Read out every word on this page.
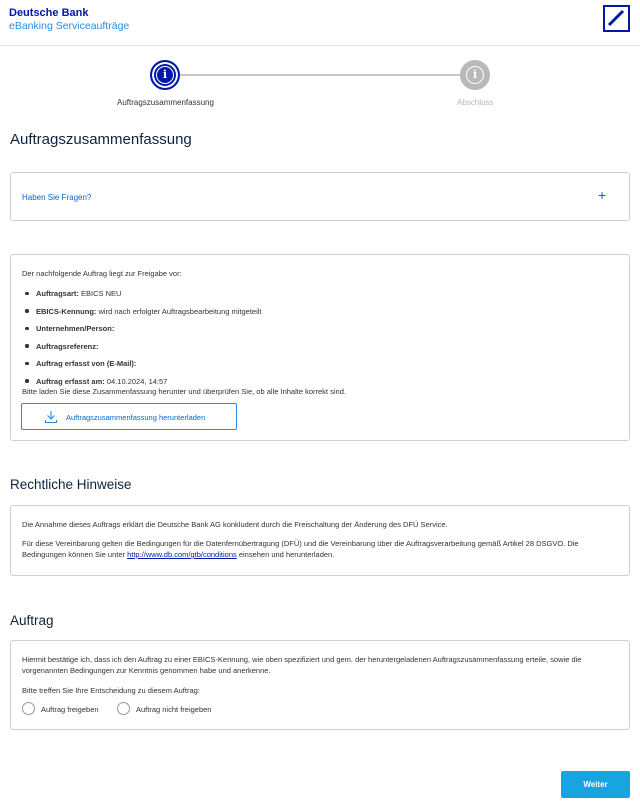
Deutsche Bank
eBanking Serviceaufträge
i	i
Auftragszusammenfassung	Abschluss
Auftragszusammenfassung
Haben Sie Fragen?	+
Der nachfolgende Auftrag liegt zur Freigabe vor:
Auftragsart: EBICS NEU
EBICS-Kennung: wird nach erfolgter Auftragsbearbeitung mitgeteilt
Unternehmen/Person:
Auftragsreferenz:
Auftrag erfasst von (E-Mail):
Auftrag erfasst am: 04.10.2024, 14:57
Bitte laden Sie diese Zusammenfassung herunter und überprüfen Sie, ob alle Inhalte korrekt sind.
Auftragszusammenfassung herunterladen
Rechtliche Hinweise

Die Annahme dieses Auftrags erklärt die Deutsche Bank AG konkludent durch die Freischaltung der Änderung des DFÜ Service.

Für diese Vereinbarung gelten die Bedingungen für die Datenfernübertragung (DFÜ) und die Vereinbarung über die Auftragsverarbeitung gemäß Artikel 28 DSGVO. Die Bedingungen können Sie unter http://www.db.com/gtb/conditions einsehen und herunterladen.

Auftrag

Hiermit bestätige ich, dass ich den Auftrag zu einer EBICS-Kennung, wie oben spezifiziert und gem. der heruntergeladenen Auftragszusammenfassung erteile, sowie die vorgenannten Bedingungen zur Kenntnis genommen habe und anerkenne.

Bitte treffen Sie Ihre Entscheidung zu diesem Auftrag:

Auftrag freigeben	Auftrag nicht freigeben
Weiter
